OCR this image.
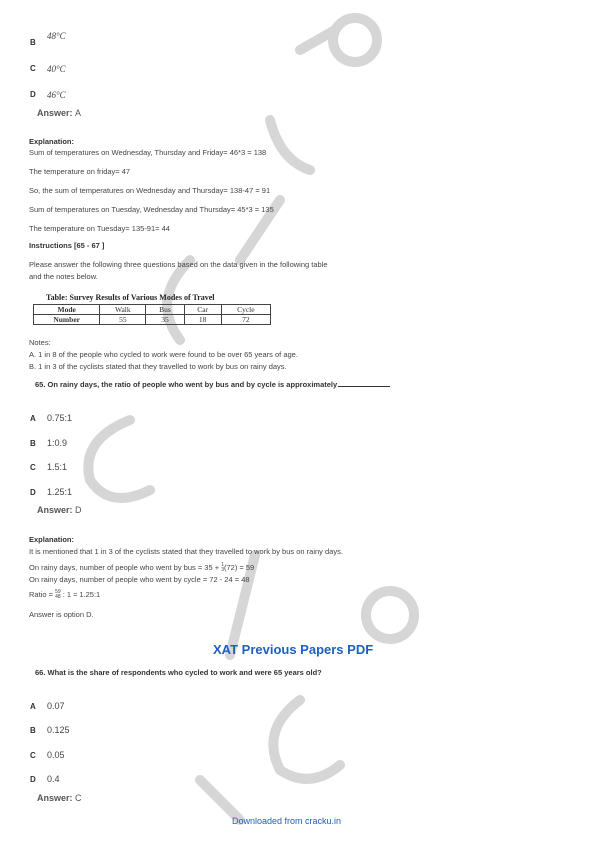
B
48°C
C 40°C
D 46°C
Answer: A
Explanation:
Sum of temperatures on Wednesday, Thursday and Friday= 46*3 = 138
The temperature on friday= 47
So, the sum of temperatures on Wednesday and Thursday= 138-47 = 91
Sum of temperatures on Tuesday, Wednesday and Thursday= 45*3 = 135
The temperature on Tuesday= 135-91= 44
Instructions [65 - 67 ]
Please answer the following three questions based on the data given in the following table
and the notes below.
Table: Survey Results of Various Modes of Travel
Mode	Walk	Bus	Car	Cycle
Number	55	35	18	72
Notes:
A. 1 in 8 of the people who cycled to work were found to be over 65 years of age.
B. 1 in 3 of the cyclists stated that they travelled to work by bus on rainy days.
65. On rainy days, the ratio of people who went by bus and by cycle is approximately
A 0.75:1
B 1:0.9
C 1.5:1
D 1.25:1
Answer: D
Explanation:
It is mentioned that 1 in 3 of the cyclists stated that they travelled to work by bus on rainy days.
On rainy days, number of people who went by bus = 35 + 1
3 (72) = 59
On rainy days, number of people who went by cycle = 72 - 24 = 48
Ratio = 59
48 : 1 ≈ 1.25:1
Answer is option D.
XAT Previous Papers PDF
66. What is the share of respondents who cycled to work and were 65 years old?
A 0.07
B 0.125
C 0.05
D 0.4
Answer: C
Downloaded from cracku.in
